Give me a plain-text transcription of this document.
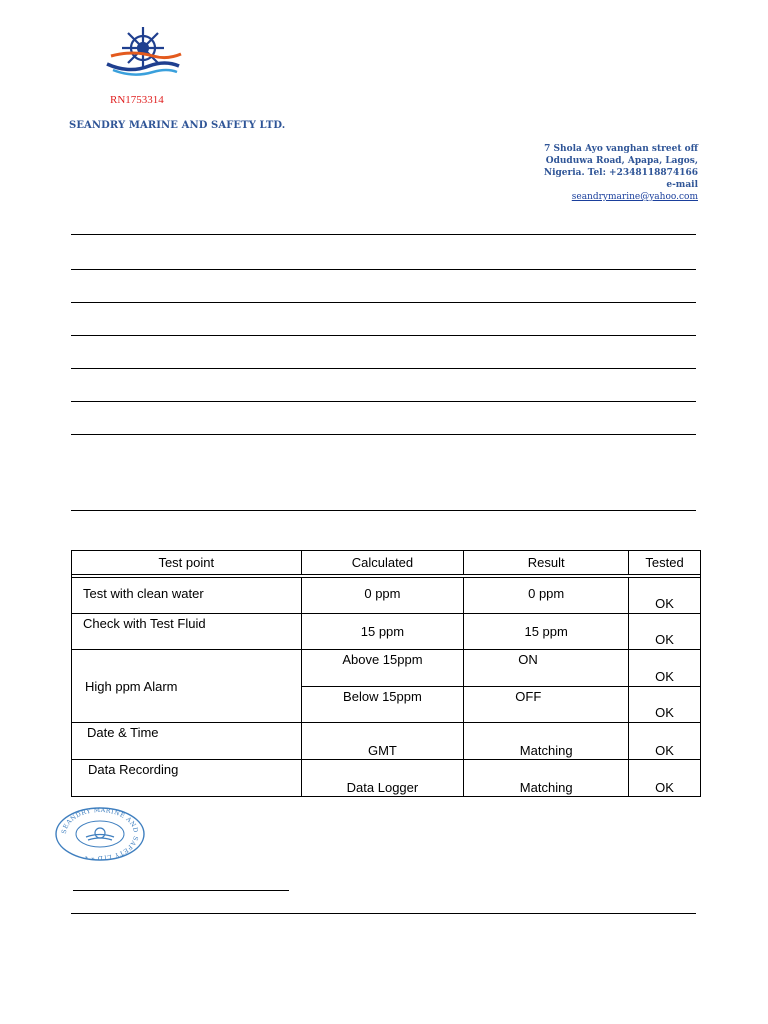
RN1753314
SEANDRY MARINE AND SAFETY LTD.
7 Shola Ayo vanghan street off
Oduduwa Road, Apapa, Lagos,
Nigeria. Tel: +2348118874166
e-mail
seandrymarine@yahoo.com
Test point	Calculated	Result	Tested

Test with clean water	0 ppm	0 ppm	OK
Check with Test Fluid	15 ppm	15 ppm	OK
High ppm Alarm	Above 15ppm	ON	OK
	Below 15ppm	OFF	OK
Date & Time	GMT	Matching	OK
Data Recording	Data Logger	Matching	OK
SEANDRY MARINE AND SAFETY LTD * *
